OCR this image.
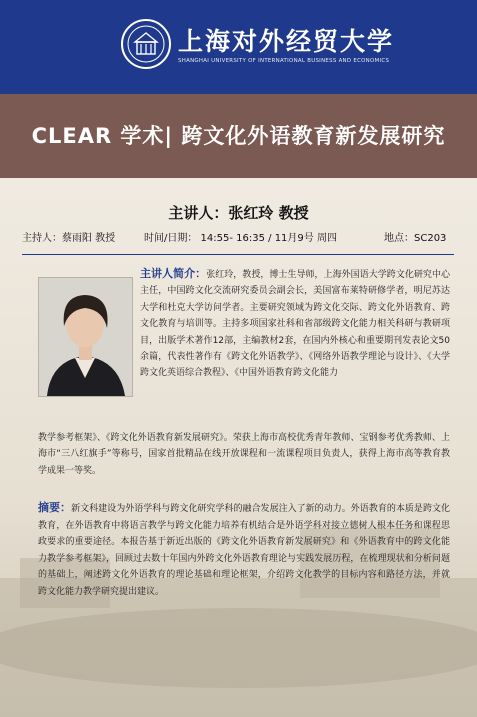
上海对外经贸大学
SHANGHAI UNIVERSITY OF INTERNATIONAL BUSINESS AND ECONOMICS
CLEAR 学术| 跨文化外语教育新发展研究
主讲人：张红玲 教授
主持人：蔡雨阳 教授	时间/日期： 14:55- 16:35 / 11月9号 周四	地点：SC203
主讲人简介：张红玲，教授，博士生导师，上海外国语大学跨文化研究中心主任，中国跨文化交流研究委员会副会长，美国富布莱特研修学者，明尼苏达大学和杜克大学访问学者。主要研究领域为跨文化交际、跨文化外语教育、跨文化教育与培训等。主持多项国家社科和省部级跨文化能力相关科研与教研项目，出版学术著作12部，主编教材2套，在国内外核心和重要期刊发表论文50余篇，代表性著作有《跨文化外语教学》、《网络外语教学理论与设计》、《大学跨文化英语综合教程》、《中国外语教育跨文化能力
教学参考框架》、《跨文化外语教育新发展研究》。荣获上海市高校优秀青年教师、宝钢参考优秀教师、上海市“三八红旗手”等称号，国家首批精品在线开放课程和一流课程项目负责人，获得上海市高等教育教学成果一等奖。
摘要：新文科建设为外语学科与跨文化研究学科的融合发展注入了新的动力。外语教育的本质是跨文化教育，在外语教育中将语言教学与跨文化能力培养有机结合是外语学科对接立德树人根本任务和课程思政要求的重要途径。本报告基于新近出版的《跨文化外语教育新发展研究》和《外语教育中的跨文化能力教学参考框架》，回顾过去数十年国内外跨文化外语教育理论与实践发展历程，在梳理现状和分析问题的基础上，阐述跨文化外语教育的理论基础和理论框架，介绍跨文化教学的目标内容和路径方法，并就跨文化能力教学研究提出建议。
